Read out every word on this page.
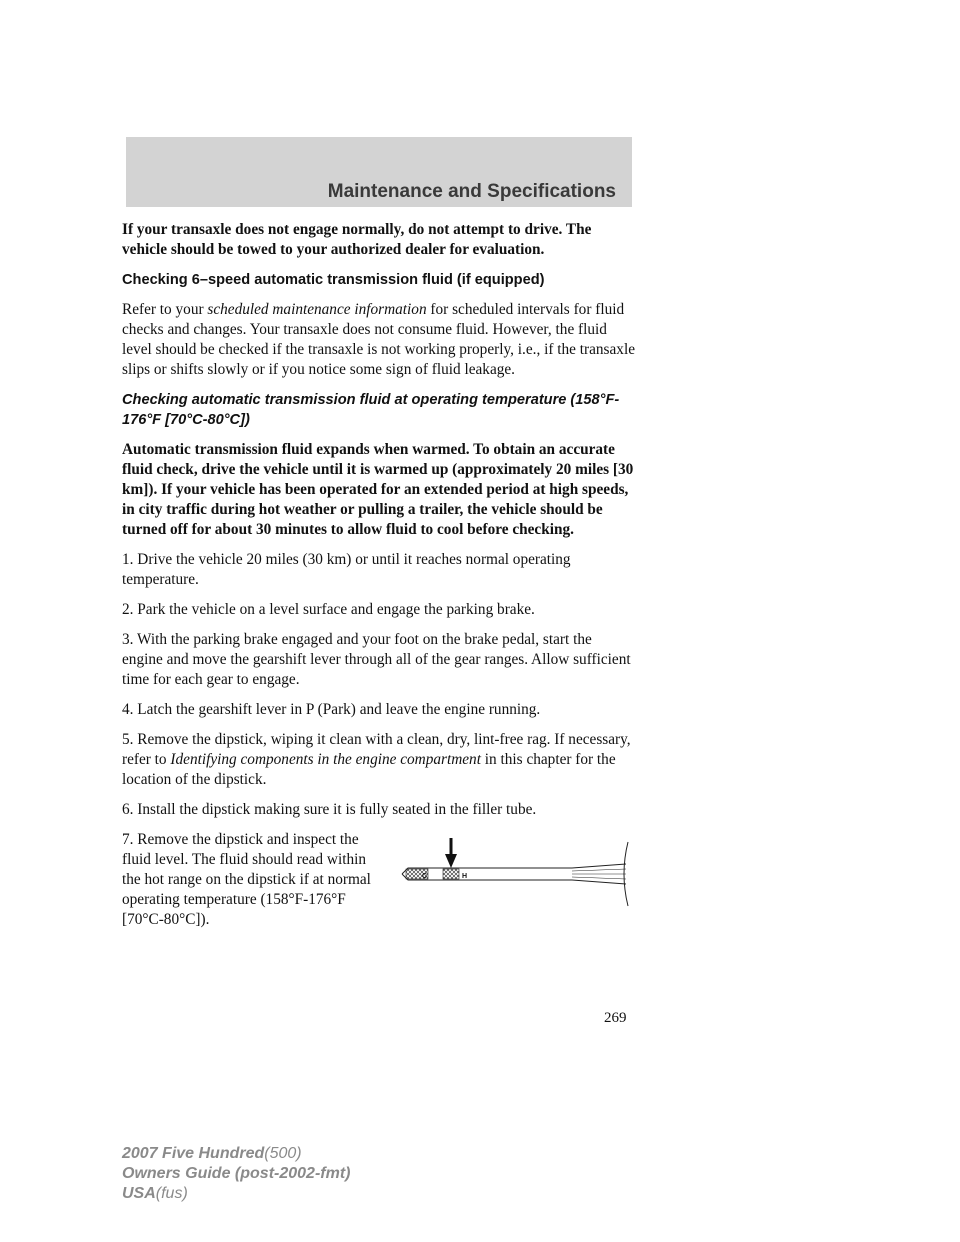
Maintenance and Specifications

If your transaxle does not engage normally, do not attempt to drive. The vehicle should be towed to your authorized dealer for evaluation.

Checking 6–speed automatic transmission fluid (if equipped)

Refer to your scheduled maintenance information for scheduled intervals for fluid checks and changes. Your transaxle does not consume fluid. However, the fluid level should be checked if the transaxle is not working properly, i.e., if the transaxle slips or shifts slowly or if you notice some sign of fluid leakage.

Checking automatic transmission fluid at operating temperature (158°F-176°F [70°C-80°C])

Automatic transmission fluid expands when warmed. To obtain an accurate fluid check, drive the vehicle until it is warmed up (approximately 20 miles [30 km]). If your vehicle has been operated for an extended period at high speeds, in city traffic during hot weather or pulling a trailer, the vehicle should be turned off for about 30 minutes to allow fluid to cool before checking.

1. Drive the vehicle 20 miles (30 km) or until it reaches normal operating temperature.

2. Park the vehicle on a level surface and engage the parking brake.

3. With the parking brake engaged and your foot on the brake pedal, start the engine and move the gearshift lever through all of the gear ranges. Allow sufficient time for each gear to engage.

4. Latch the gearshift lever in P (Park) and leave the engine running.

5. Remove the dipstick, wiping it clean with a clean, dry, lint-free rag. If necessary, refer to Identifying components in the engine compartment in this chapter for the location of the dipstick.

6. Install the dipstick making sure it is fully seated in the filler tube.

7. Remove the dipstick and inspect the fluid level. The fluid should read within the hot range on the dipstick if at normal operating temperature (158°F-176°F [70°C-80°C]).

C	H
269
2007 Five Hundred(500)
Owners Guide (post-2002-fmt)
USA(fus)
